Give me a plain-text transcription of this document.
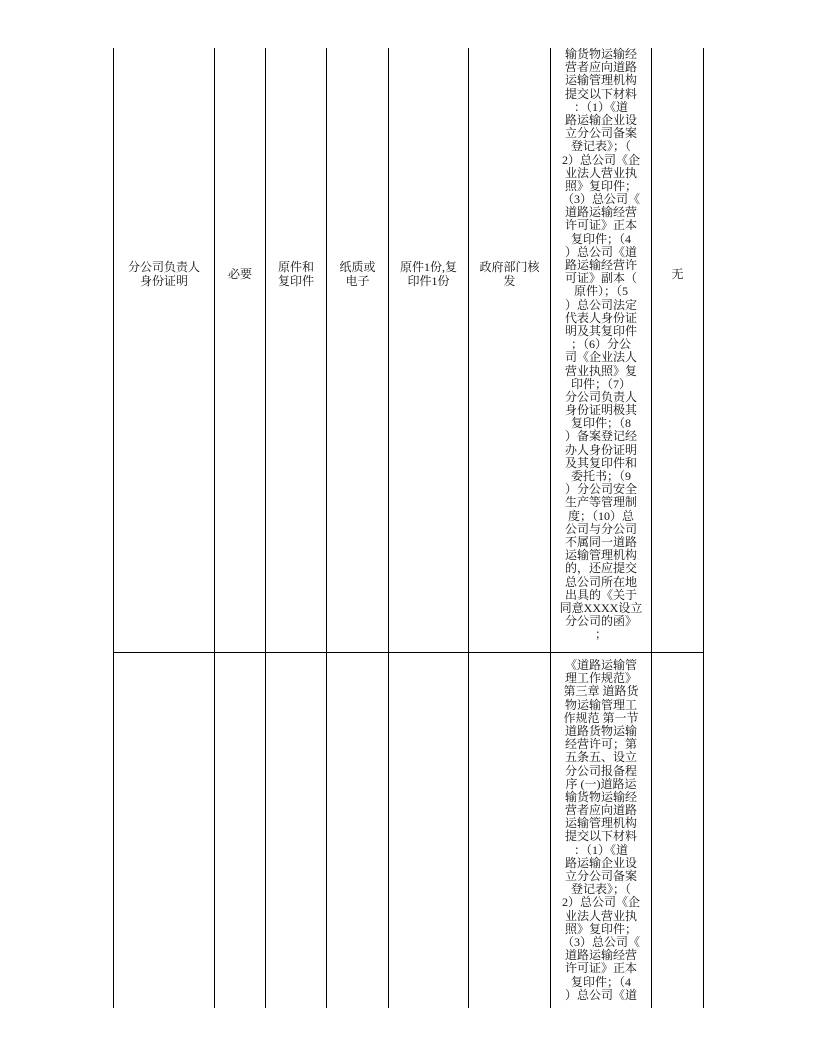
分公司负责人
身份证明	必要 原件和
复印件
纸质或
电子
原件1份,复
印件1份
政府部门核
发
输货物运输经
营者应向道路
运输管理机构
提交以下材料
：（1）《道
路运输企业设
立分公司备案
登记表》；（
2）总公司《企
业法人营业执
照》复印件；
（3）总公司《
道路运输经营
许可证》正本
复印件；（4
）总公司《道
路运输经营许
可证》副本（
原件）；（5
）总公司法定
代表人身份证
明及其复印件
；（6）分公
司《企业法人
营业执照》复
印件；（7）
分公司负责人
身份证明极其
复印件；（8
）备案登记经
办人身份证明
及其复印件和
委托书；（9
）分公司安全
生产等管理制
度；（10）总
公司与分公司
不属同一道路
运输管理机构
的，还应提交
总公司所在地
出具的《关于
同意XXXX设立
分公司的函》
；
无
《道路运输管
理工作规范》
第三章 道路货
物运输管理工
作规范 第一节
道路货物运输
经营许可；第
五条五、设立
分公司报备程
序 (一)道路运
输货物运输经
营者应向道路
运输管理机构
提交以下材料
：（1）《道
路运输企业设
立分公司备案
登记表》；（
2）总公司《企
业法人营业执
照》复印件；
（3）总公司《
道路运输经营
许可证》正本
复印件；（4
）总公司《道
